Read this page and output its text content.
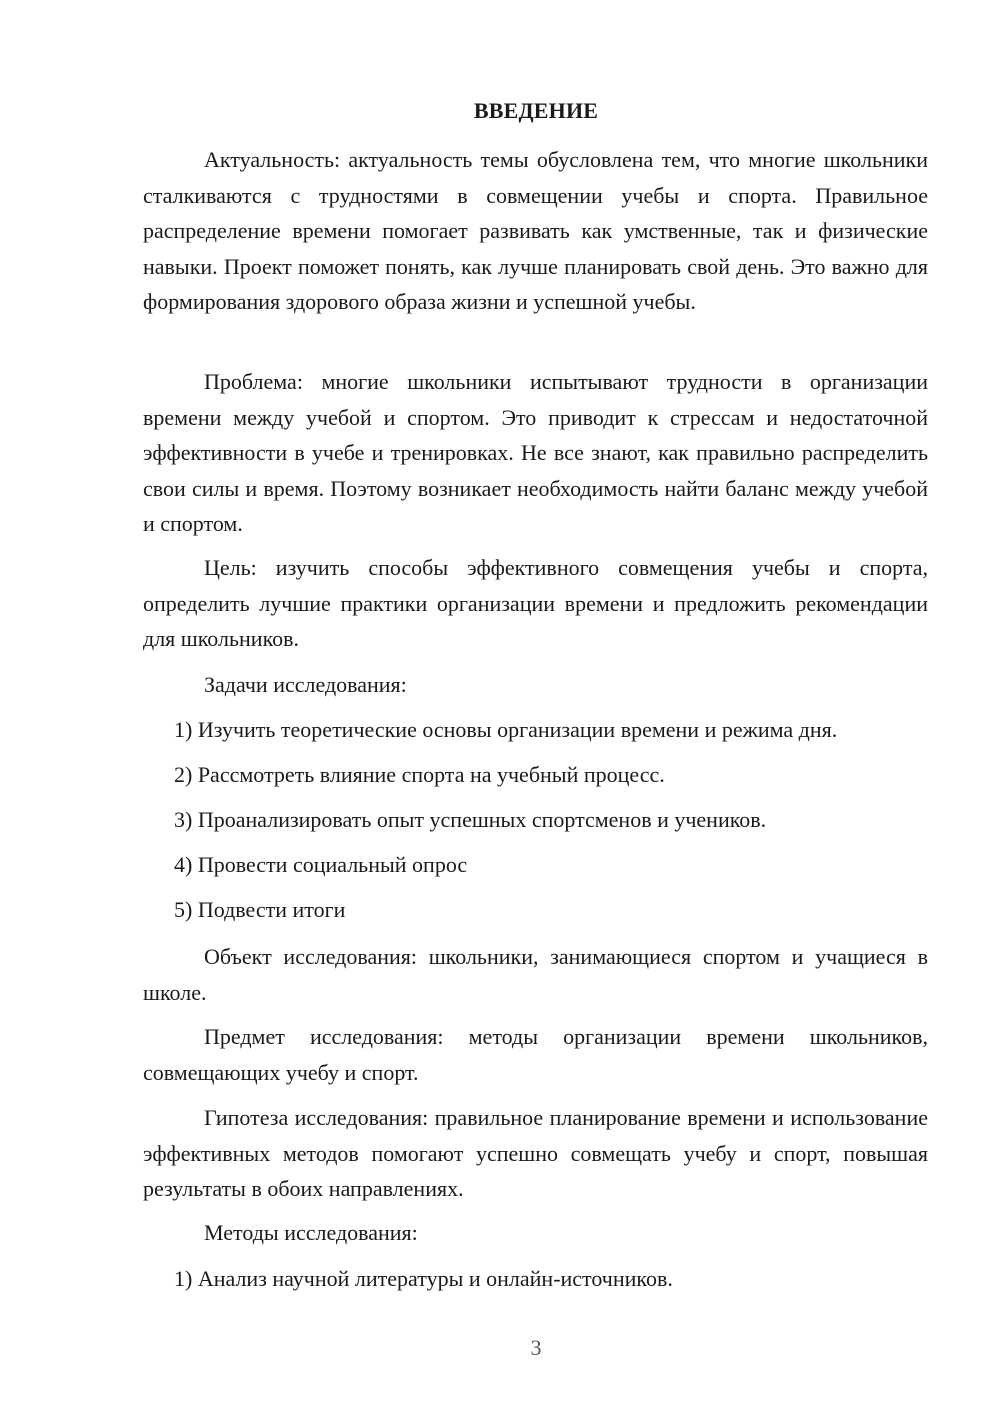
ВВЕДЕНИЕ

Актуальность: актуальность темы обусловлена тем, что многие школьники сталкиваются с трудностями в совмещении учебы и спорта. Правильное распределение времени помогает развивать как умственные, так и физические навыки. Проект поможет понять, как лучше планировать свой день. Это важно для формирования здорового образа жизни и успешной учебы.

Проблема: многие школьники испытывают трудности в организации времени между учебой и спортом. Это приводит к стрессам и недостаточной эффективности в учебе и тренировках. Не все знают, как правильно распределить свои силы и время. Поэтому возникает необходимость найти баланс между учебой и спортом.

Цель: изучить способы эффективного совмещения учебы и спорта, определить лучшие практики организации времени и предложить рекомендации для школьников.

Задачи исследования:
1) Изучить теоретические основы организации времени и режима дня.
2) Рассмотреть влияние спорта на учебный процесс.
3) Проанализировать опыт успешных спортсменов и учеников.
4) Провести социальный опрос
5) Подвести итоги

Объект исследования: школьники, занимающиеся спортом и учащиеся в школе.

Предмет исследования: методы организации времени школьников, совмещающих учебу и спорт.

Гипотеза исследования: правильное планирование времени и использование эффективных методов помогают успешно совмещать учебу и спорт, повышая результаты в обоих направлениях.

Методы исследования:
1) Анализ научной литературы и онлайн-источников.
3
